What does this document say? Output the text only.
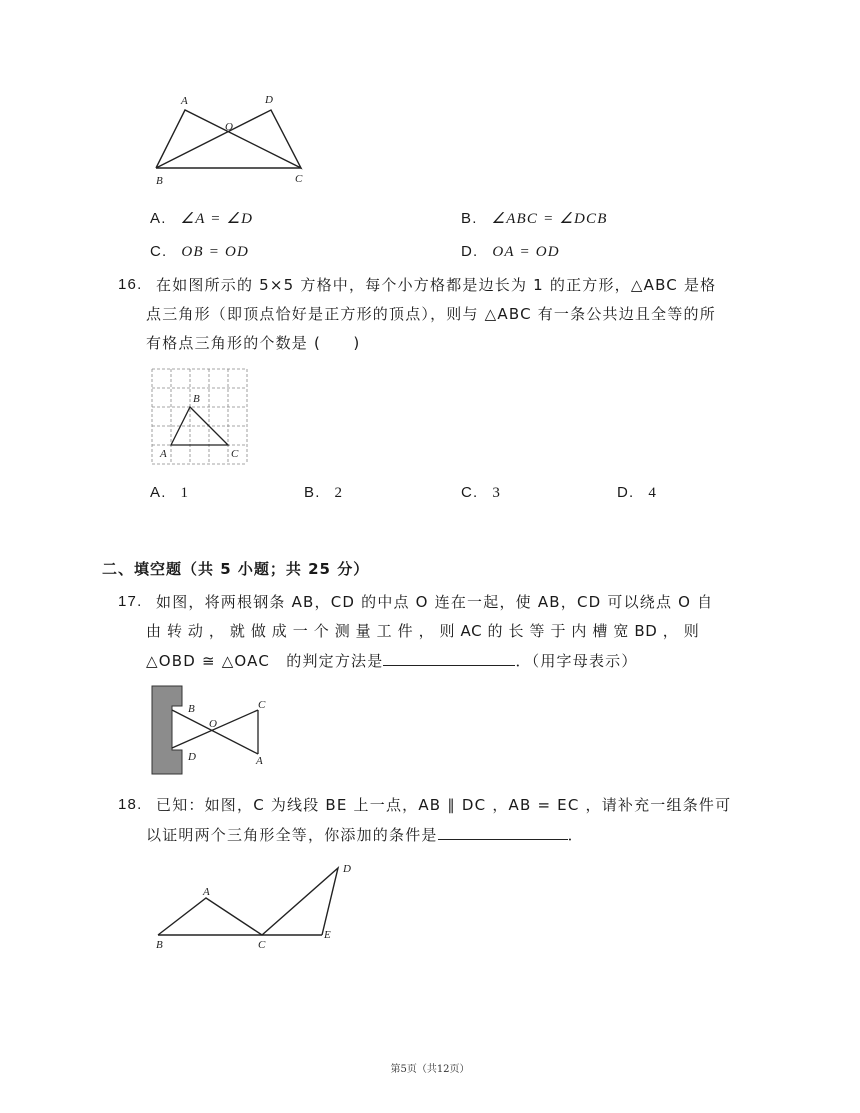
A	D
O
B	C
A. ∠A = ∠D	B. ∠ABC = ∠DCB
C. OB = OD	D. OA = OD
16. 在如图所示的 5×5 方格中，每个小方格都是边长为 1 的正方形，△ABC 是格
点三角形（即顶点恰好是正方形的顶点），则与 △ABC 有一条公共边且全等的所
有格点三角形的个数是 (　　)
B
A	C
A. 1	B. 2	C. 3	D. 4
二、填空题（共 5 小题；共 25 分）
17. 如图，将两根钢条 AB，CD 的中点 O 连在一起，使 AB，CD 可以绕点 O 自
由 转 动 ， 就 做 成 一 个 测 量 工 件 ， 则 AC 的 长 等 于 内 槽 宽 BD ， 则
△OBD ≅ △OAC　的判定方法是	．（用字母表示）
B	C
O
D	A
18. 已知：如图，C 为线段 BE 上一点，AB ∥ DC ，AB = EC ，请补充一组条件可
以证明两个三角形全等，你添加的条件是	．
A
D
B	C
E
第5页（共12页）
